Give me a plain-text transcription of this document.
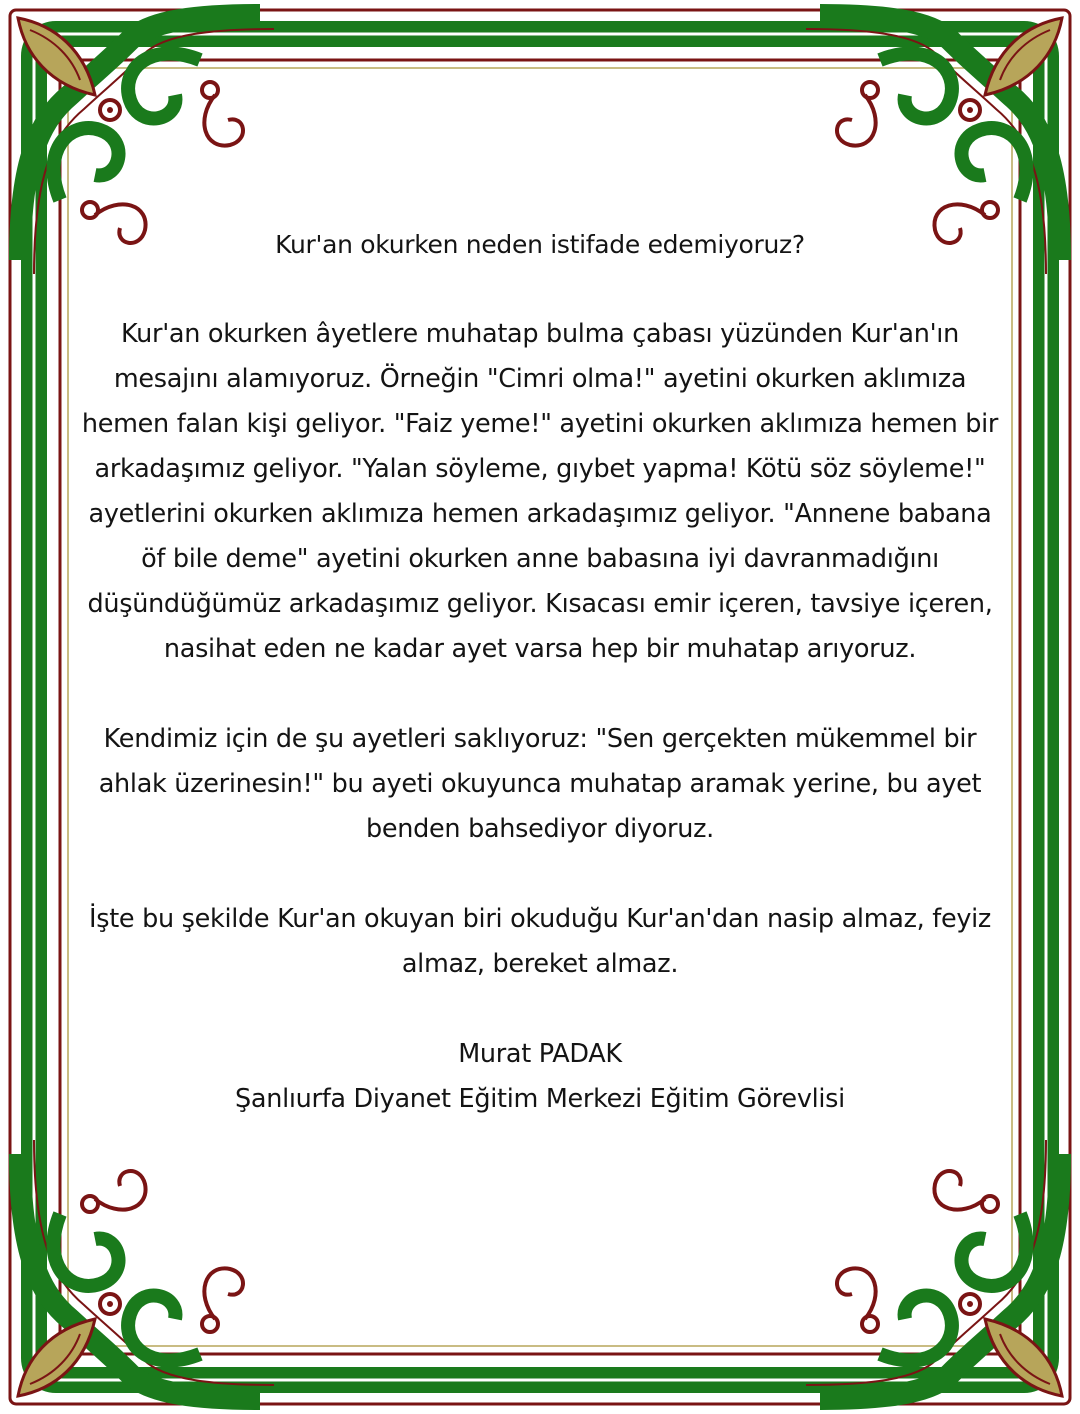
Kur'an okurken neden istifade edemiyoruz?

Kur'an okurken âyetlere muhatap bulma çabası yüzünden Kur'an'ın mesajını alamıyoruz. Örneğin "Cimri olma!" ayetini okurken aklımıza hemen falan kişi geliyor. "Faiz yeme!" ayetini okurken aklımıza hemen bir arkadaşımız geliyor. "Yalan söyleme, gıybet yapma! Kötü söz söyleme!" ayetlerini okurken aklımıza hemen arkadaşımız geliyor. "Annene babana öf bile deme" ayetini okurken anne babasına iyi davranmadığını düşündüğümüz arkadaşımız geliyor. Kısacası emir içeren, tavsiye içeren, nasihat eden ne kadar ayet varsa hep bir muhatap arıyoruz.

Kendimiz için de şu ayetleri saklıyoruz: "Sen gerçekten mükemmel bir ahlak üzerinesin!" bu ayeti okuyunca muhatap aramak yerine, bu ayet benden bahsediyor diyoruz.

İşte bu şekilde Kur'an okuyan biri okuduğu Kur'an'dan nasip almaz, feyiz almaz, bereket almaz.

Murat PADAK

Şanlıurfa Diyanet Eğitim Merkezi Eğitim Görevlisi
